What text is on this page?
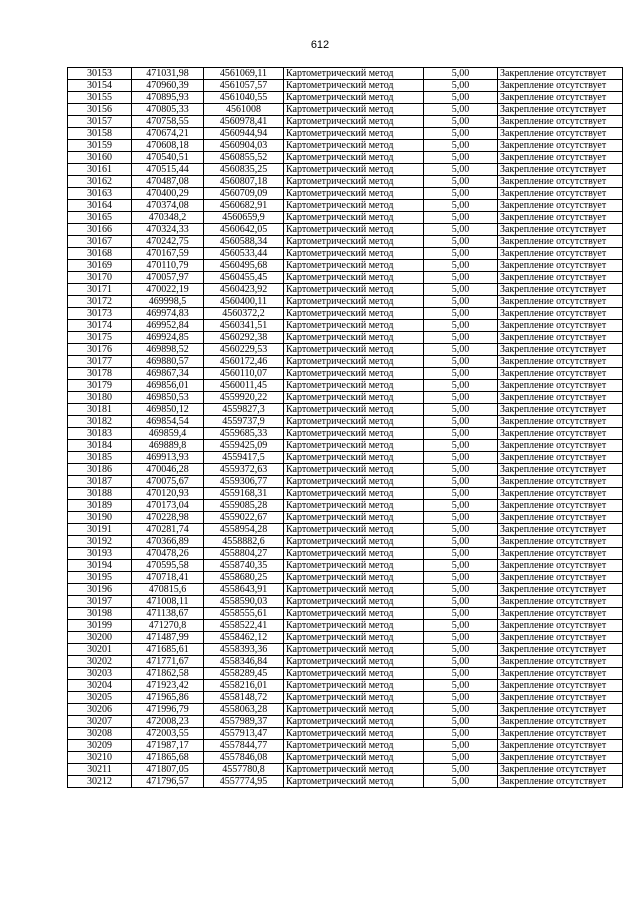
612
30153	471031,98	4561069,11	Картометрический метод	5,00	Закрепление отсутствует
30154	470960,39	4561057,57	Картометрический метод	5,00	Закрепление отсутствует
30155	470895,93	4561040,55	Картометрический метод	5,00	Закрепление отсутствует
30156	470805,33	4561008	Картометрический метод	5,00	Закрепление отсутствует
30157	470758,55	4560978,41	Картометрический метод	5,00	Закрепление отсутствует
30158	470674,21	4560944,94	Картометрический метод	5,00	Закрепление отсутствует
30159	470608,18	4560904,03	Картометрический метод	5,00	Закрепление отсутствует
30160	470540,51	4560855,52	Картометрический метод	5,00	Закрепление отсутствует
30161	470515,44	4560835,25	Картометрический метод	5,00	Закрепление отсутствует
30162	470487,08	4560807,18	Картометрический метод	5,00	Закрепление отсутствует
30163	470400,29	4560709,09	Картометрический метод	5,00	Закрепление отсутствует
30164	470374,08	4560682,91	Картометрический метод	5,00	Закрепление отсутствует
30165	470348,2	4560659,9	Картометрический метод	5,00	Закрепление отсутствует
30166	470324,33	4560642,05	Картометрический метод	5,00	Закрепление отсутствует
30167	470242,75	4560588,34	Картометрический метод	5,00	Закрепление отсутствует
30168	470167,59	4560533,44	Картометрический метод	5,00	Закрепление отсутствует
30169	470110,79	4560495,68	Картометрический метод	5,00	Закрепление отсутствует
30170	470057,97	4560455,45	Картометрический метод	5,00	Закрепление отсутствует
30171	470022,19	4560423,92	Картометрический метод	5,00	Закрепление отсутствует
30172	469998,5	4560400,11	Картометрический метод	5,00	Закрепление отсутствует
30173	469974,83	4560372,2	Картометрический метод	5,00	Закрепление отсутствует
30174	469952,84	4560341,51	Картометрический метод	5,00	Закрепление отсутствует
30175	469924,85	4560292,38	Картометрический метод	5,00	Закрепление отсутствует
30176	469898,52	4560229,53	Картометрический метод	5,00	Закрепление отсутствует
30177	469880,57	4560172,46	Картометрический метод	5,00	Закрепление отсутствует
30178	469867,34	4560110,07	Картометрический метод	5,00	Закрепление отсутствует
30179	469856,01	4560011,45	Картометрический метод	5,00	Закрепление отсутствует
30180	469850,53	4559920,22	Картометрический метод	5,00	Закрепление отсутствует
30181	469850,12	4559827,3	Картометрический метод	5,00	Закрепление отсутствует
30182	469854,54	4559737,9	Картометрический метод	5,00	Закрепление отсутствует
30183	469859,4	4559685,33	Картометрический метод	5,00	Закрепление отсутствует
30184	469889,8	4559425,09	Картометрический метод	5,00	Закрепление отсутствует
30185	469913,93	4559417,5	Картометрический метод	5,00	Закрепление отсутствует
30186	470046,28	4559372,63	Картометрический метод	5,00	Закрепление отсутствует
30187	470075,67	4559306,77	Картометрический метод	5,00	Закрепление отсутствует
30188	470120,93	4559168,31	Картометрический метод	5,00	Закрепление отсутствует
30189	470173,04	4559085,28	Картометрический метод	5,00	Закрепление отсутствует
30190	470228,98	4559022,67	Картометрический метод	5,00	Закрепление отсутствует
30191	470281,74	4558954,28	Картометрический метод	5,00	Закрепление отсутствует
30192	470366,89	4558882,6	Картометрический метод	5,00	Закрепление отсутствует
30193	470478,26	4558804,27	Картометрический метод	5,00	Закрепление отсутствует
30194	470595,58	4558740,35	Картометрический метод	5,00	Закрепление отсутствует
30195	470718,41	4558680,25	Картометрический метод	5,00	Закрепление отсутствует
30196	470815,6	4558643,91	Картометрический метод	5,00	Закрепление отсутствует
30197	471008,11	4558590,03	Картометрический метод	5,00	Закрепление отсутствует
30198	471138,67	4558555,61	Картометрический метод	5,00	Закрепление отсутствует
30199	471270,8	4558522,41	Картометрический метод	5,00	Закрепление отсутствует
30200	471487,99	4558462,12	Картометрический метод	5,00	Закрепление отсутствует
30201	471685,61	4558393,36	Картометрический метод	5,00	Закрепление отсутствует
30202	471771,67	4558346,84	Картометрический метод	5,00	Закрепление отсутствует
30203	471862,58	4558289,45	Картометрический метод	5,00	Закрепление отсутствует
30204	471923,42	4558216,01	Картометрический метод	5,00	Закрепление отсутствует
30205	471965,86	4558148,72	Картометрический метод	5,00	Закрепление отсутствует
30206	471996,79	4558063,28	Картометрический метод	5,00	Закрепление отсутствует
30207	472008,23	4557989,37	Картометрический метод	5,00	Закрепление отсутствует
30208	472003,55	4557913,47	Картометрический метод	5,00	Закрепление отсутствует
30209	471987,17	4557844,77	Картометрический метод	5,00	Закрепление отсутствует
30210	471865,68	4557846,08	Картометрический метод	5,00	Закрепление отсутствует
30211	471807,05	4557780,8	Картометрический метод	5,00	Закрепление отсутствует
30212	471796,57	4557774,95	Картометрический метод	5,00	Закрепление отсутствует
